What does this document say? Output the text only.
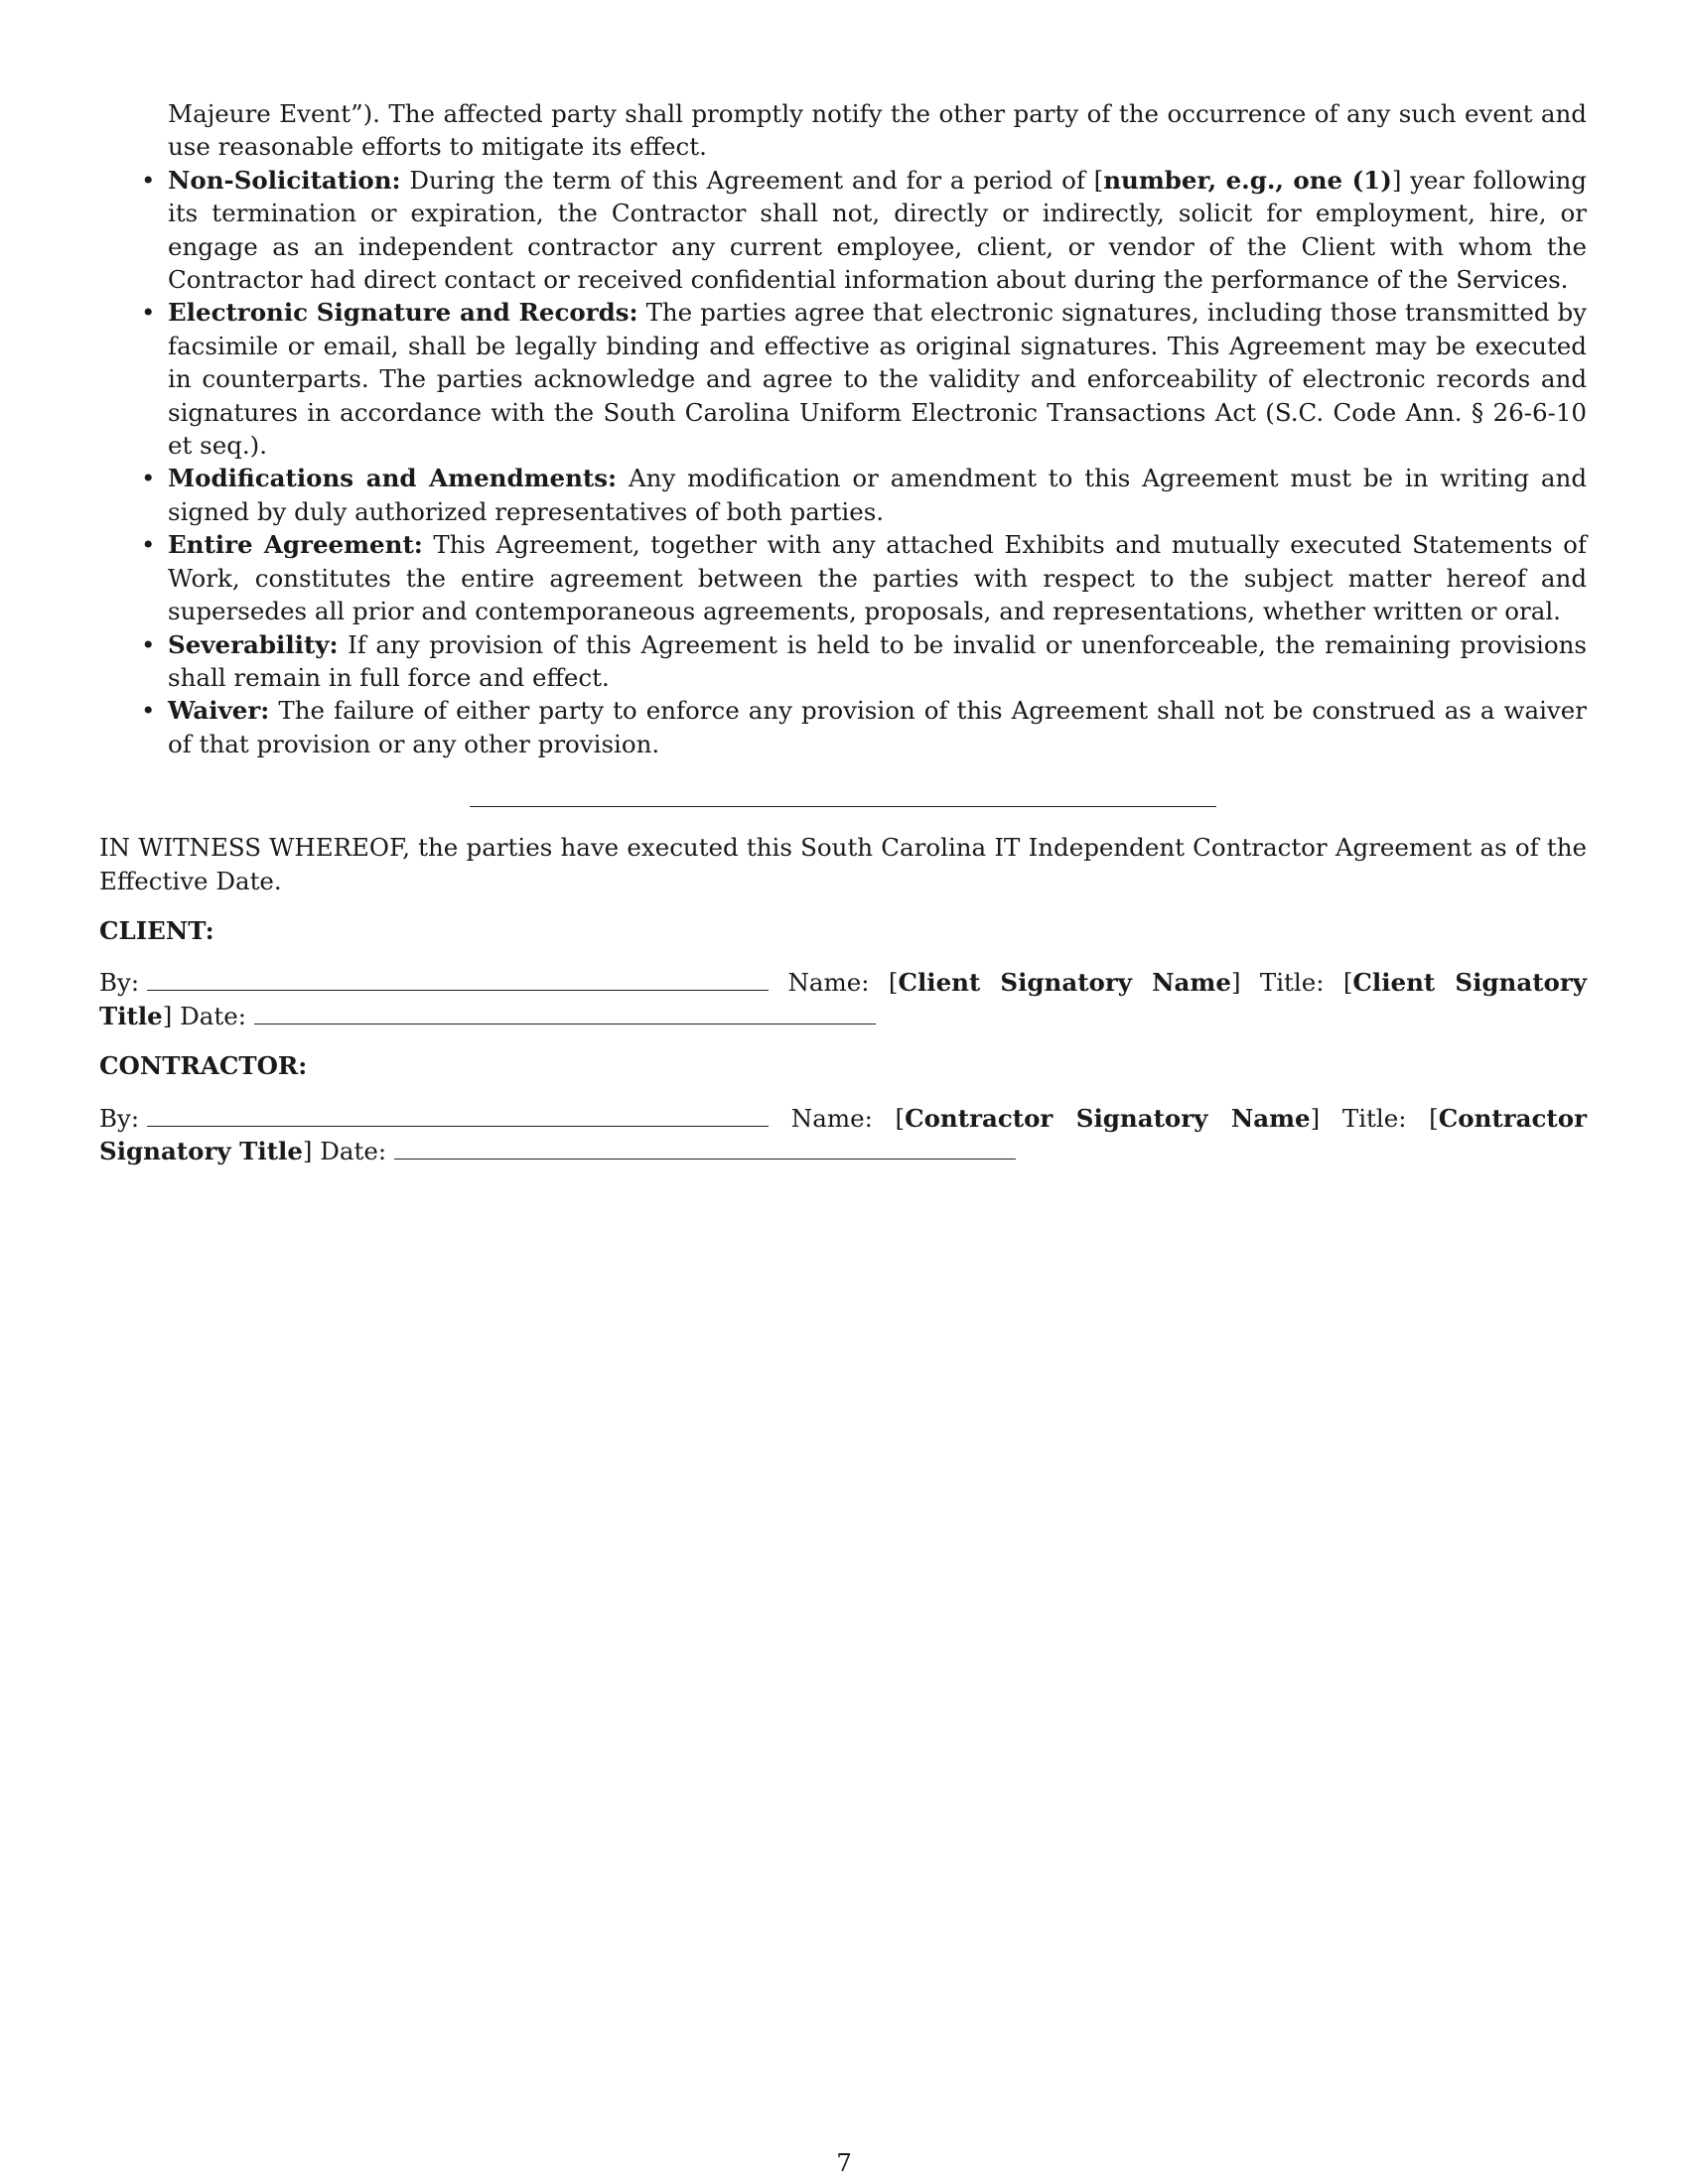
Majeure Event”). The affected party shall promptly notify the other party of the occurrence of any such event and use reasonable efforts to mitigate its effect.

• Non-Solicitation: During the term of this Agreement and for a period of [number, e.g., one (1)] year following its termination or expiration, the Contractor shall not, directly or indirectly, solicit for employment, hire, or engage as an independent contractor any current employee, client, or vendor of the Client with whom the Contractor had direct contact or received confidential information about during the performance of the Services.
• Electronic Signature and Records: The parties agree that electronic signatures, including those transmitted by facsimile or email, shall be legally binding and effective as original signatures. This Agreement may be executed in counterparts. The parties acknowledge and agree to the validity and enforceability of electronic records and signatures in accordance with the South Carolina Uniform Electronic Transactions Act (S.C. Code Ann. § 26-6-10 et seq.).
• Modifications and Amendments: Any modification or amendment to this Agreement must be in writing and signed by duly authorized representatives of both parties.
• Entire Agreement: This Agreement, together with any attached Exhibits and mutually executed Statements of Work, constitutes the entire agreement between the parties with respect to the subject matter hereof and supersedes all prior and contemporaneous agreements, proposals, and representations, whether written or oral.
• Severability: If any provision of this Agreement is held to be invalid or unenforceable, the remaining provisions shall remain in full force and effect.
• Waiver: The failure of either party to enforce any provision of this Agreement shall not be construed as a waiver of that provision or any other provision.

IN WITNESS WHEREOF, the parties have executed this South Carolina IT Independent Contractor Agreement as of the Effective Date.

CLIENT:

By:	Name: [Client Signatory Name] Title: [Client Signatory Title] Date:

CONTRACTOR:

By:	Name: [Contractor Signatory Name] Title: [Contractor Signatory Title] Date:

7
